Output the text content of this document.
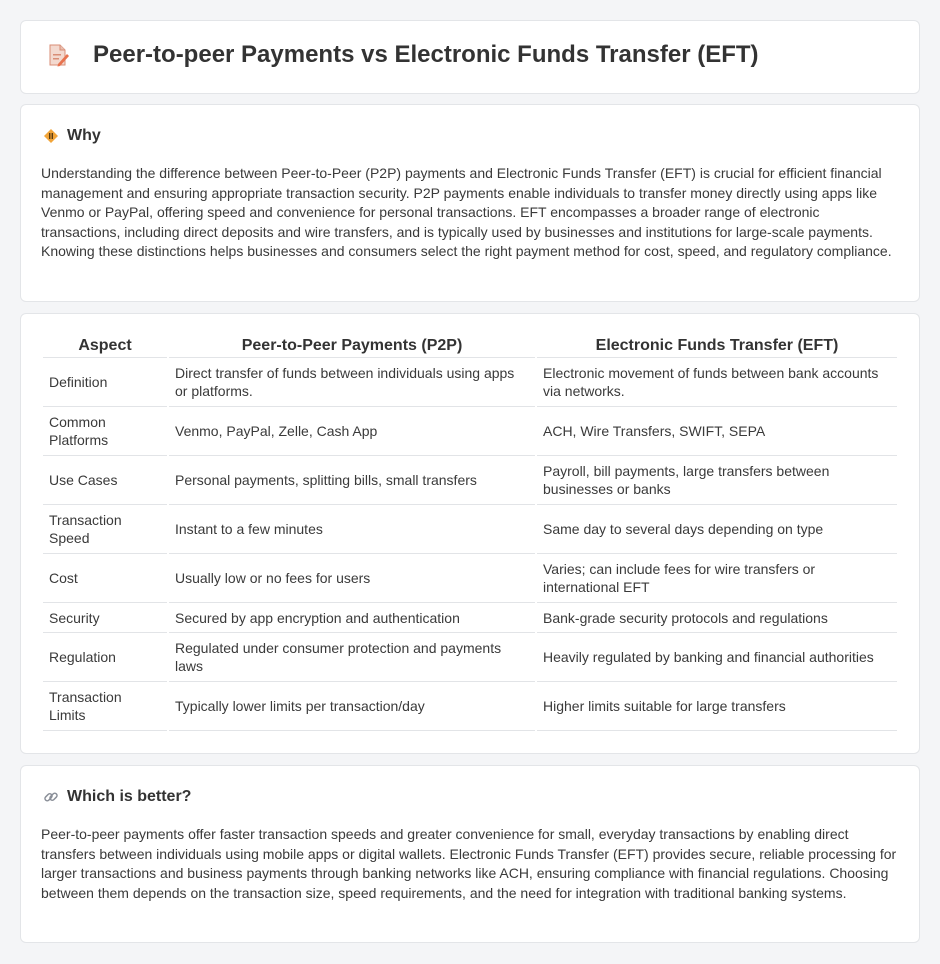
Peer-to-peer Payments vs Electronic Funds Transfer (EFT)
Why

Understanding the difference between Peer-to-Peer (P2P) payments and Electronic Funds Transfer (EFT) is crucial for efficient financial management and ensuring appropriate transaction security. P2P payments enable individuals to transfer money directly using apps like Venmo or PayPal, offering speed and convenience for personal transactions. EFT encompasses a broader range of electronic transactions, including direct deposits and wire transfers, and is typically used by businesses and institutions for large-scale payments. Knowing these distinctions helps businesses and consumers select the right payment method for cost, speed, and regulatory compliance.

Aspect	Peer-to-Peer Payments (P2P)	Electronic Funds Transfer (EFT)
Definition	Direct transfer of funds between individuals using apps or platforms.	Electronic movement of funds between bank accounts via networks.
Common Platforms	Venmo, PayPal, Zelle, Cash App	ACH, Wire Transfers, SWIFT, SEPA
Use Cases	Personal payments, splitting bills, small transfers	Payroll, bill payments, large transfers between businesses or banks
Transaction Speed	Instant to a few minutes	Same day to several days depending on type
Cost	Usually low or no fees for users	Varies; can include fees for wire transfers or international EFT
Security	Secured by app encryption and authentication	Bank-grade security protocols and regulations
Regulation	Regulated under consumer protection and payments laws	Heavily regulated by banking and financial authorities
Transaction Limits	Typically lower limits per transaction/day	Higher limits suitable for large transfers
Which is better?

Peer-to-peer payments offer faster transaction speeds and greater convenience for small, everyday transactions by enabling direct transfers between individuals using mobile apps or digital wallets. Electronic Funds Transfer (EFT) provides secure, reliable processing for larger transactions and business payments through banking networks like ACH, ensuring compliance with financial regulations. Choosing between them depends on the transaction size, speed requirements, and the need for integration with traditional banking systems.
